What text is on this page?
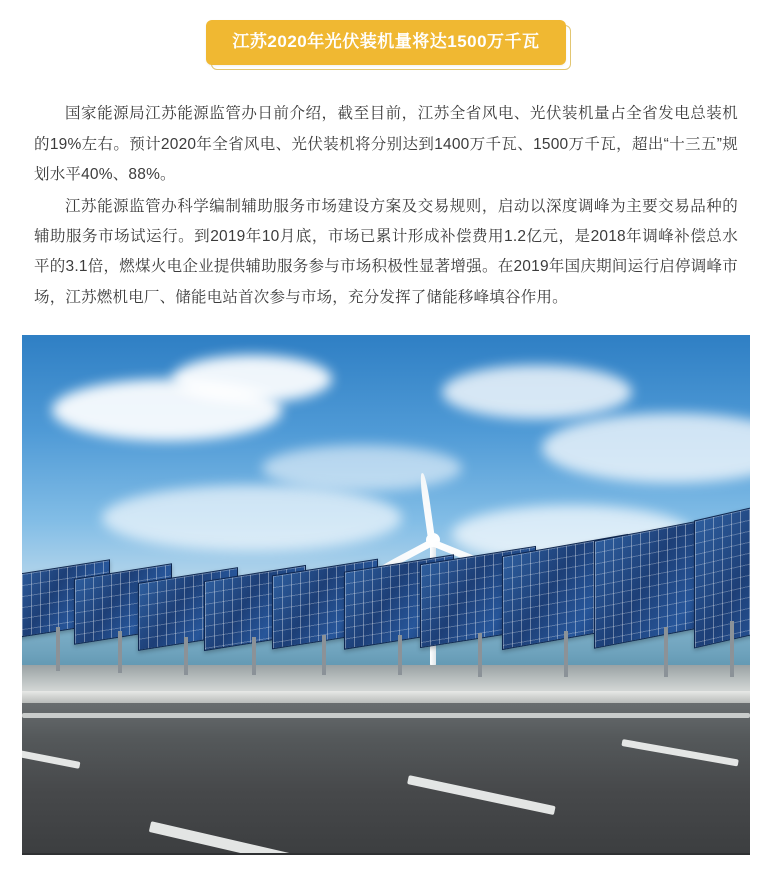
江苏2020年光伏装机量将达1500万千瓦

国家能源局江苏能源监管办日前介绍，截至目前，江苏全省风电、光伏装机量占全省发电总装机的19%左右。预计2020年全省风电、光伏装机将分别达到1400万千瓦、1500万千瓦，超出“十三五”规划水平40%、88%。

江苏能源监管办科学编制辅助服务市场建设方案及交易规则，启动以深度调峰为主要交易品种的辅助服务市场试运行。到2019年10月底，市场已累计形成补偿费用1.2亿元，是2018年调峰补偿总水平的3.1倍，燃煤火电企业提供辅助服务参与市场积极性显著增强。在2019年国庆期间运行启停调峰市场，江苏燃机电厂、储能电站首次参与市场，充分发挥了储能移峰填谷作用。
